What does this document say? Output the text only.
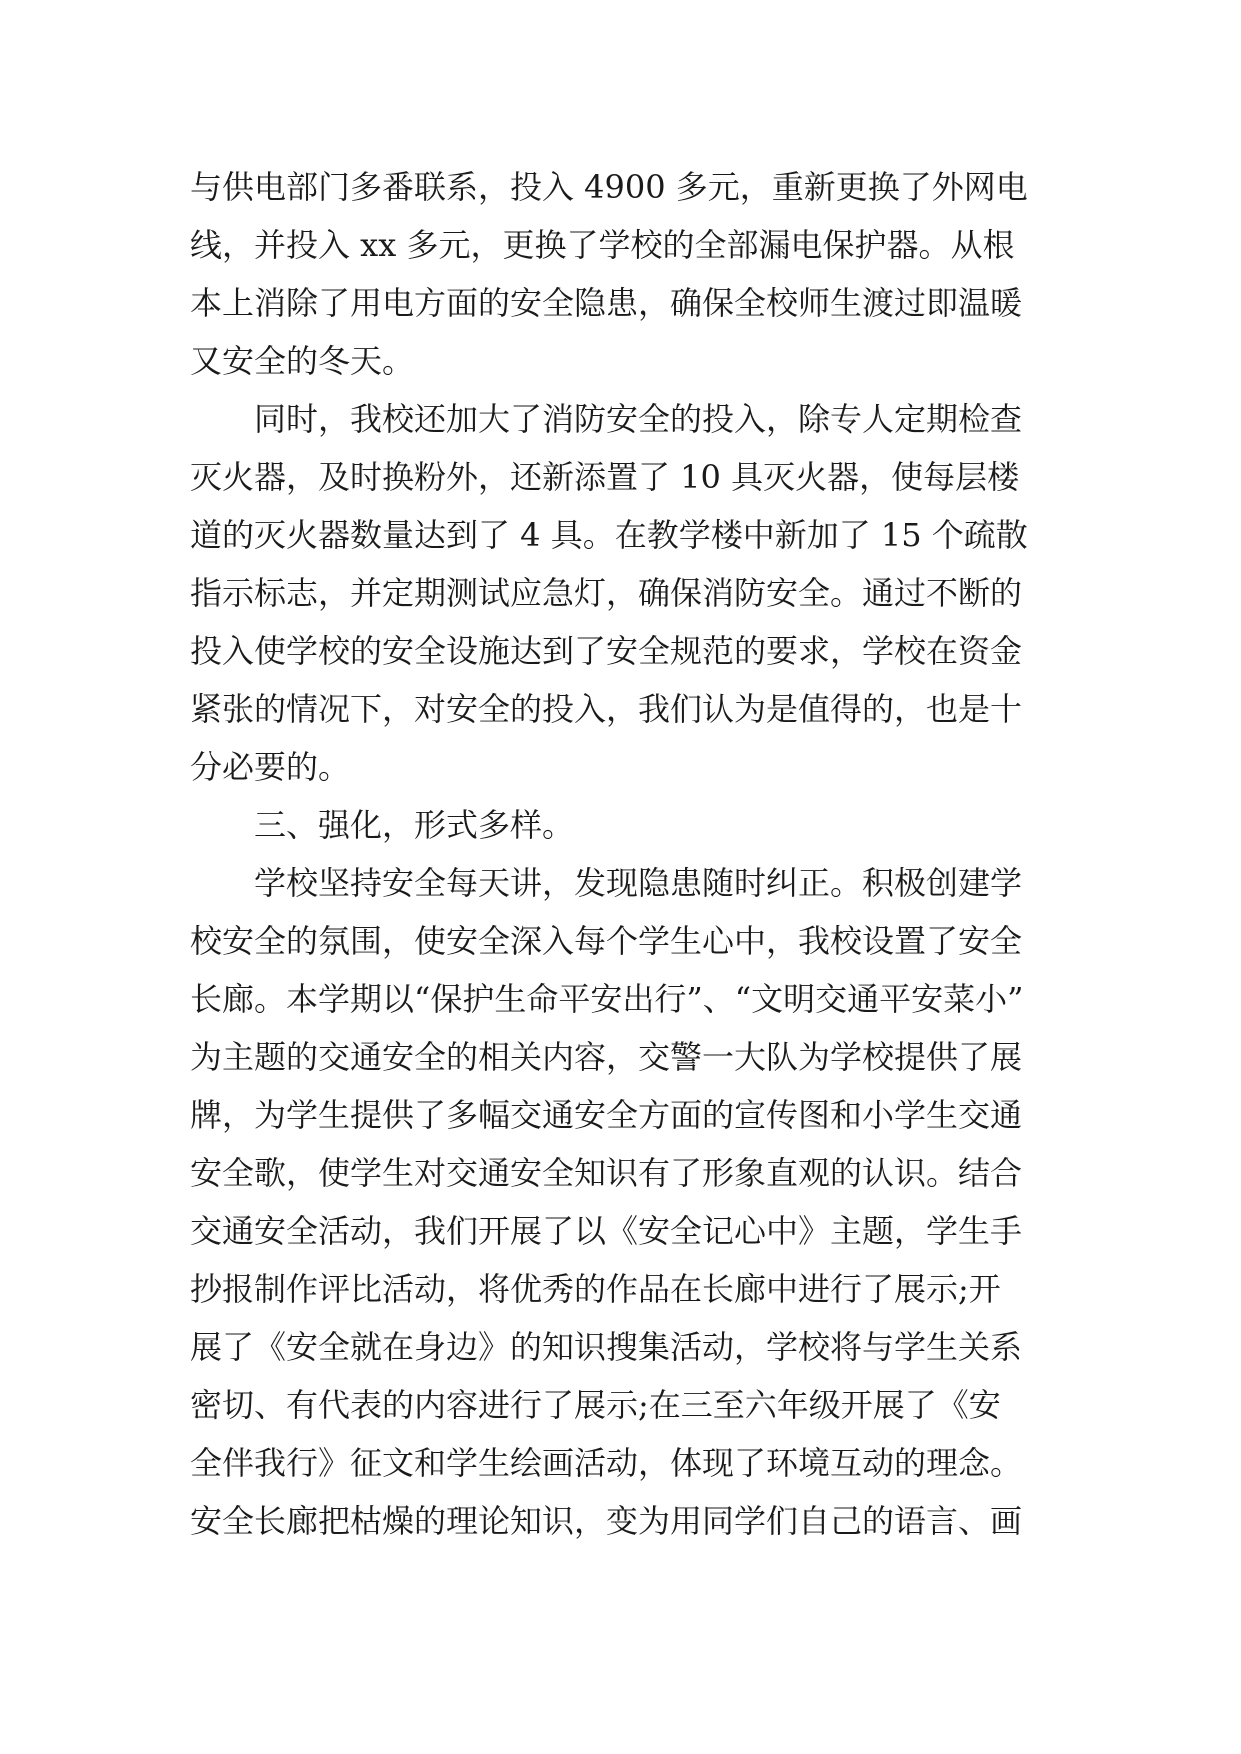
与供电部门多番联系，投入 4900 多元，重新更换了外网电
线，并投入 xx 多元，更换了学校的全部漏电保护器。从根
本上消除了用电方面的安全隐患，确保全校师生渡过即温暖
又安全的冬天。
同时，我校还加大了消防安全的投入，除专人定期检查
灭火器，及时换粉外，还新添置了 10 具灭火器，使每层楼
道的灭火器数量达到了 4 具。在教学楼中新加了 15 个疏散
指示标志，并定期测试应急灯，确保消防安全。通过不断的
投入使学校的安全设施达到了安全规范的要求，学校在资金
紧张的情况下，对安全的投入，我们认为是值得的，也是十
分必要的。
三、强化，形式多样。
学校坚持安全每天讲，发现隐患随时纠正。积极创建学
校安全的氛围，使安全深入每个学生心中，我校设置了安全
长廊。本学期以“保护生命平安出行”、“文明交通平安菜小”
为主题的交通安全的相关内容，交警一大队为学校提供了展
牌，为学生提供了多幅交通安全方面的宣传图和小学生交通
安全歌，使学生对交通安全知识有了形象直观的认识。结合
交通安全活动，我们开展了以《安全记心中》主题，学生手
抄报制作评比活动，将优秀的作品在长廊中进行了展示;开
展了《安全就在身边》的知识搜集活动，学校将与学生关系
密切、有代表的内容进行了展示;在三至六年级开展了《安
全伴我行》征文和学生绘画活动，体现了环境互动的理念。
安全长廊把枯燥的理论知识，变为用同学们自己的语言、画
